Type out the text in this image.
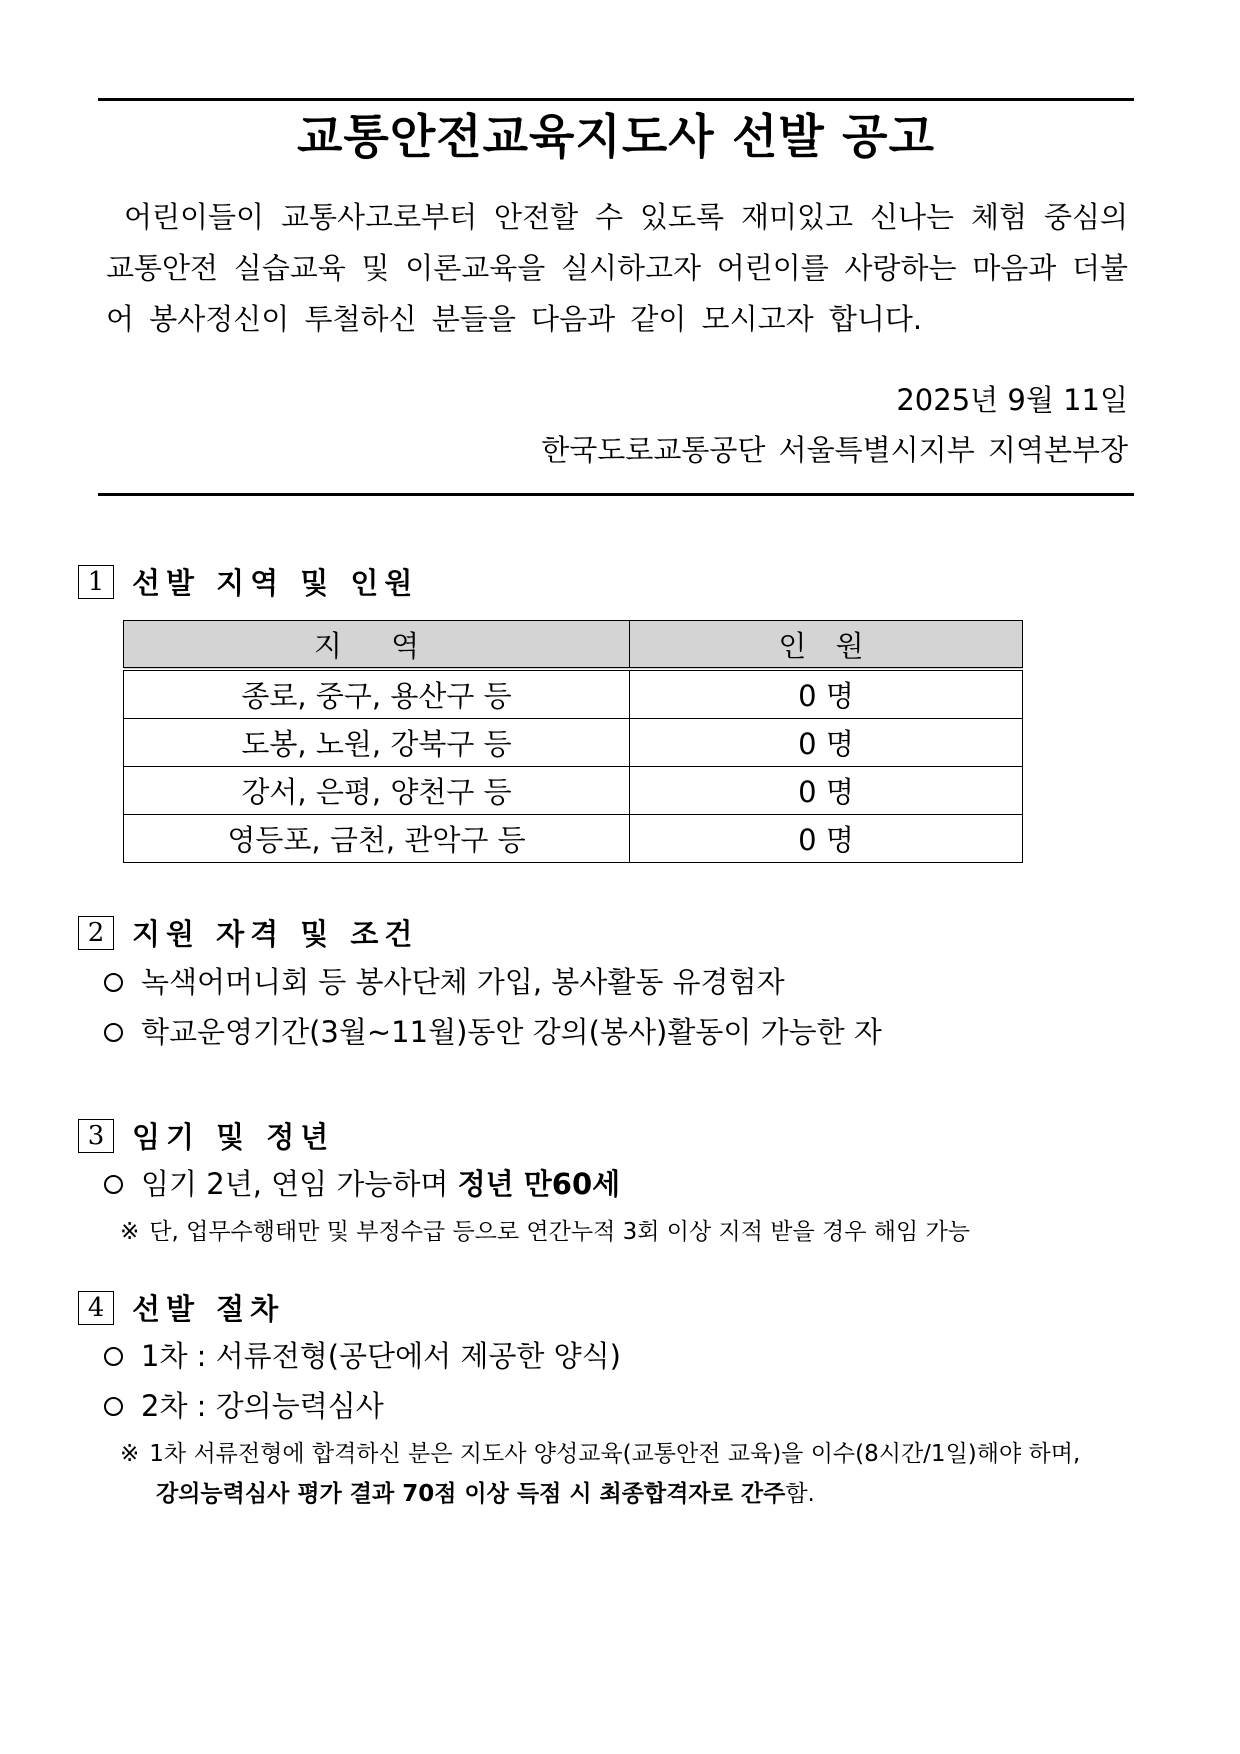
교통안전교육지도사 선발 공고

어린이들이 교통사고로부터 안전할 수 있도록 재미있고 신나는 체험 중심의 교통안전 실습교육 및 이론교육을 실시하고자 어린이를 사랑하는 마음과 더불어 봉사정신이 투철하신 분들을 다음과 같이 모시고자 합니다.

2025년 9월 11일

한국도로교통공단 서울특별시지부 지역본부장

1 선발 지역 및 인원
지 역	인 원
종로, 중구, 용산구 등	0 명
도봉, 노원, 강북구 등	0 명
강서, 은평, 양천구 등	0 명
영등포, 금천, 관악구 등	0 명
2 지원 자격 및 조건
녹색어머니회 등 봉사단체 가입, 봉사활동 유경험자
학교운영기간(3월~11월)동안 강의(봉사)활동이 가능한 자
3 임기 및 정년
임기 2년, 연임 가능하며 정년 만60세
※ 단, 업무수행태만 및 부정수급 등으로 연간누적 3회 이상 지적 받을 경우 해임 가능
4 선발 절차
1차 : 서류전형(공단에서 제공한 양식)
2차 : 강의능력심사
※ 1차 서류전형에 합격하신 분은 지도사 양성교육(교통안전 교육)을 이수(8시간/1일)해야 하며,
강의능력심사 평가 결과 70점 이상 득점 시 최종합격자로 간주함.
